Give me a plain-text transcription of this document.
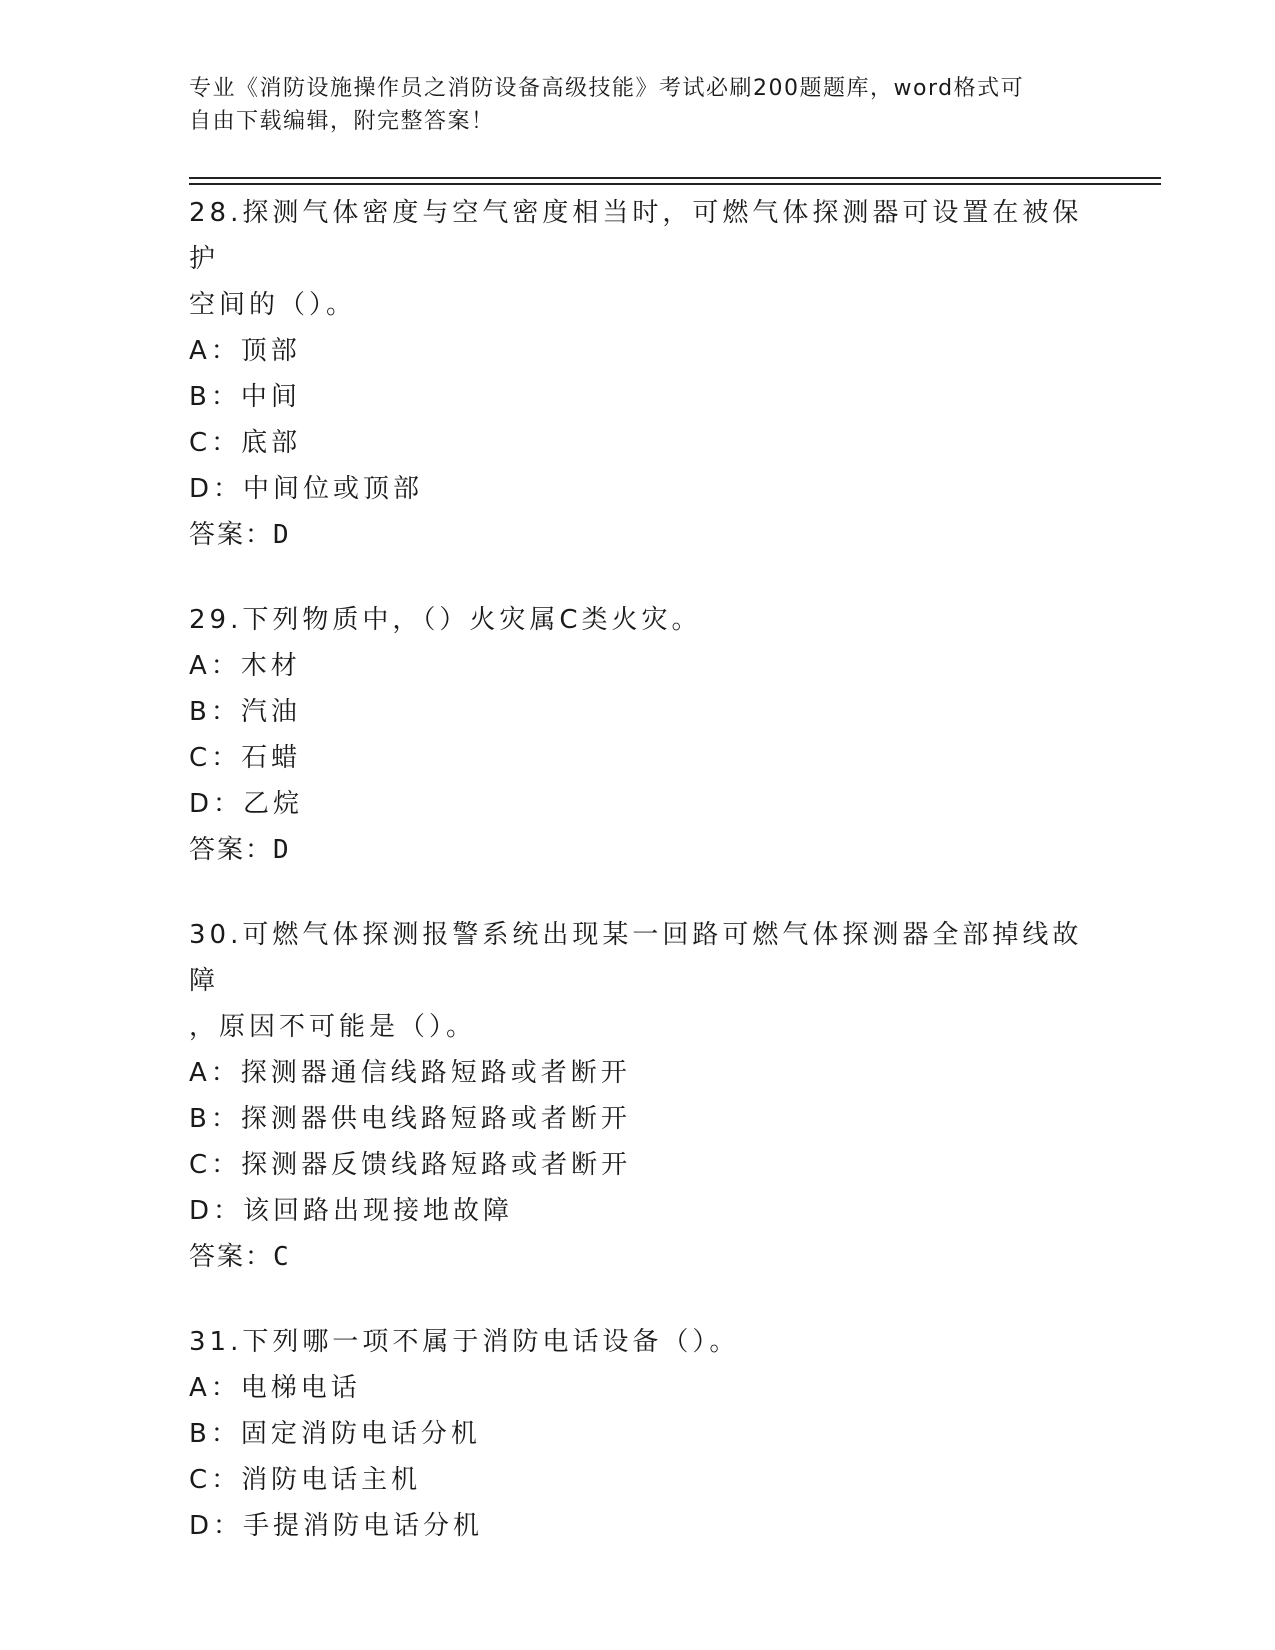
专业《消防设施操作员之消防设备高级技能》考试必刷200题题库，word格式可
自由下载编辑，附完整答案！
28.探测气体密度与空气密度相当时，可燃气体探测器可设置在被保护
空间的（）。
A：顶部
B：中间
C：底部
D：中间位或顶部
答案：D
29.下列物质中，（）火灾属C类火灾。
A：木材
B：汽油
C：石蜡
D：乙烷
答案：D
30.可燃气体探测报警系统出现某一回路可燃气体探测器全部掉线故障
，原因不可能是（）。
A：探测器通信线路短路或者断开
B：探测器供电线路短路或者断开
C：探测器反馈线路短路或者断开
D：该回路出现接地故障
答案：C
31.下列哪一项不属于消防电话设备（）。
A：电梯电话
B：固定消防电话分机
C：消防电话主机
D：手提消防电话分机
